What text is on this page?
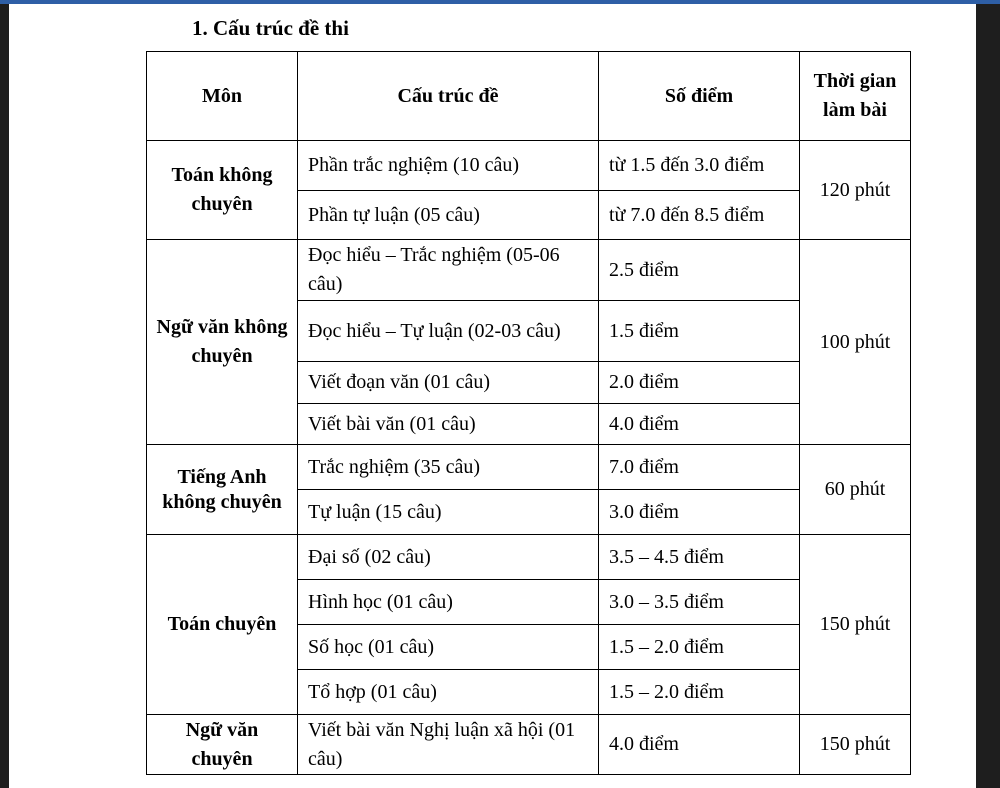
1. Cấu trúc đề thi
Môn	Cấu trúc đề	Số điểm	Thời gian làm bài
Toán không chuyên	Phần trắc nghiệm (10 câu)	từ 1.5 đến 3.0 điểm	120 phút
	Phần tự luận (05 câu)	từ 7.0 đến 8.5 điểm	
Ngữ văn không chuyên	Đọc hiểu – Trắc nghiệm (05-06 câu)	2.5 điểm	100 phút
	Đọc hiểu – Tự luận (02-03 câu)	1.5 điểm	
	Viết đoạn văn (01 câu)	2.0 điểm	
	Viết bài văn (01 câu)	4.0 điểm	
Tiếng Anh không chuyên	Trắc nghiệm (35 câu)	7.0 điểm	60 phút
	Tự luận (15 câu)	3.0 điểm	
Toán chuyên	Đại số (02 câu)	3.5 – 4.5 điểm	150 phút
	Hình học (01 câu)	3.0 – 3.5 điểm	
	Số học (01 câu)	1.5 – 2.0 điểm	
	Tổ hợp (01 câu)	1.5 – 2.0 điểm	
Ngữ văn chuyên	Viết bài văn Nghị luận xã hội (01 câu)	4.0 điểm	150 phút
